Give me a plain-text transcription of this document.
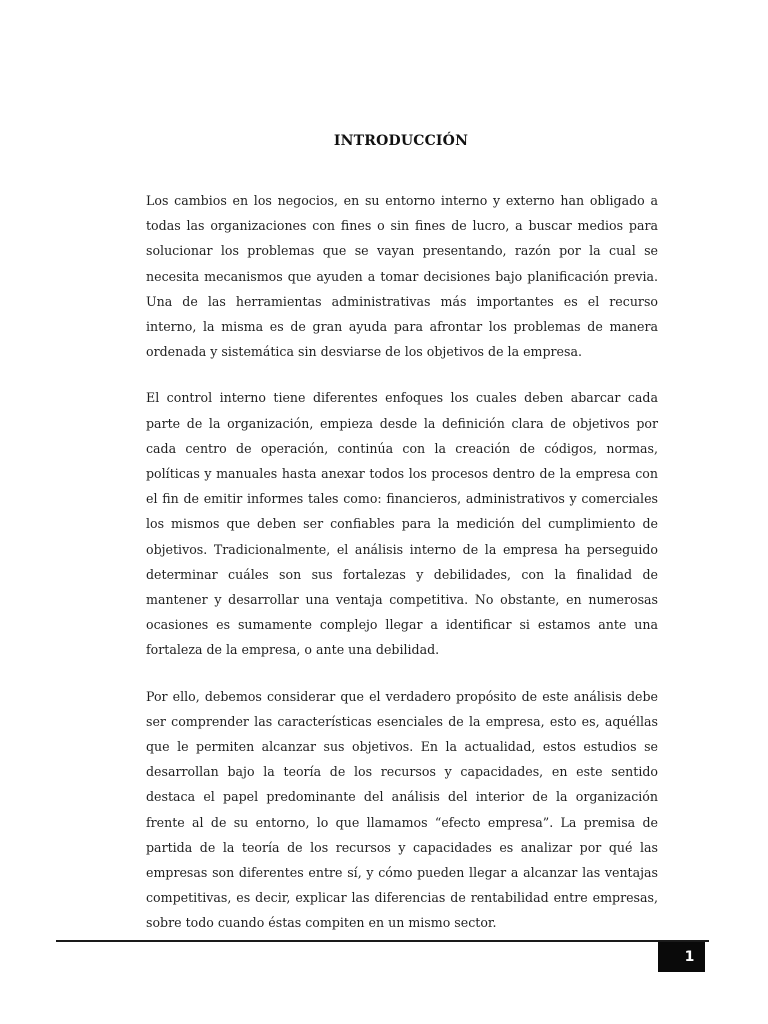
INTRODUCCIÓN

Los cambios en los negocios, en su entorno interno y externo han obligado a todas las organizaciones con fines o sin fines de lucro, a buscar medios para solucionar los problemas que se vayan presentando, razón por la cual se necesita mecanismos que ayuden a tomar decisiones bajo planificación previa. Una de las herramientas administrativas más importantes es el recurso interno, la misma es de gran ayuda para afrontar los problemas de manera ordenada y sistemática sin desviarse de los objetivos de la empresa.

El control interno tiene diferentes enfoques los cuales deben abarcar cada parte de la organización, empieza desde la definición clara de objetivos por cada centro de operación, continúa con la creación de códigos, normas, políticas y manuales hasta anexar todos los procesos dentro de la empresa con el fin de emitir informes tales como: financieros, administrativos y comerciales los mismos que deben ser confiables para la medición del cumplimiento de objetivos. Tradicionalmente, el análisis interno de la empresa ha perseguido determinar cuáles son sus fortalezas y debilidades, con la finalidad de mantener y desarrollar una ventaja competitiva. No obstante, en numerosas ocasiones es sumamente complejo llegar a identificar si estamos ante una fortaleza de la empresa, o ante una debilidad.

Por ello, debemos considerar que el verdadero propósito de este análisis debe ser comprender las características esenciales de la empresa, esto es, aquéllas que le permiten alcanzar sus objetivos. En la actualidad, estos estudios se desarrollan bajo la teoría de los recursos y capacidades, en este sentido destaca el papel predominante del análisis del interior de la organización frente al de su entorno, lo que llamamos “efecto empresa”. La premisa de partida de la teoría de los recursos y capacidades es analizar por qué las empresas son diferentes entre sí, y cómo pueden llegar a alcanzar las ventajas competitivas, es decir, explicar las diferencias de rentabilidad entre empresas, sobre todo cuando éstas compiten en un mismo sector.

1
